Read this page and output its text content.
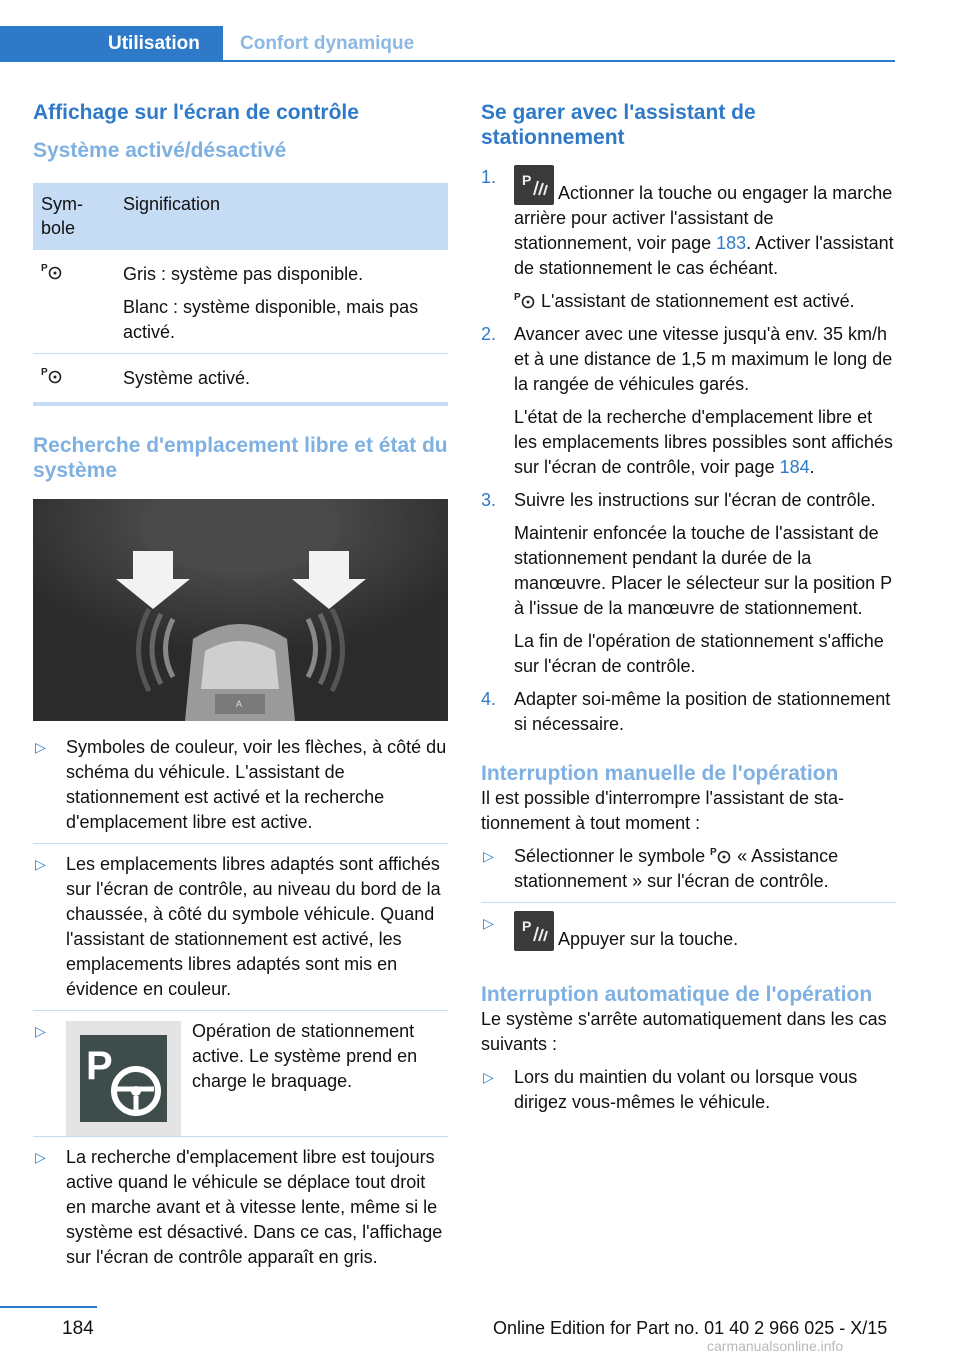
Utilisation	Confort dynamique
Affichage sur l'écran de contrôle
Système activé/désactivé
Sym-
bole	Signification

P	Gris : système pas disponible.

Blanc : système disponible, mais pas activé.

P	Système activé.
Recherche d'emplacement libre et état du système
A
▷ Symboles de couleur, voir les flèches, à côté du schéma du véhicule. L'assistant de stationnement est activé et la recherche d'emplacement libre est active.
▷ Les emplacements libres adaptés sont affichés sur l'écran de contrôle, au niveau du bord de la chaussée, à côté du symbole véhicule. Quand l'assistant de stationnement est activé, les emplacements libres adaptés sont mis en évidence en couleur.
▷ P
Opération de stationnement active. Le système prend en charge le braquage.
▷ La recherche d'emplacement libre est toujours active quand le véhicule se déplace tout droit en marche avant et à vitesse lente, même si le système est désactivé. Dans ce cas, l'affichage sur l'écran de contrôle apparaît en gris.
Se garer avec l'assistant de stationnement
1. P
Actionner la touche ou engager la marche arrière pour activer l'assistant de stationnement, voir page 183. Activer l'assistant de stationnement le cas échéant.

P L'assistant de stationnement est activé.

2. Avancer avec une vitesse jusqu'à env. 35 km/h et à une distance de 1,5 m maximum le long de la rangée de véhicules garés.

L'état de la recherche d'emplacement libre et les emplacements libres possibles sont affichés sur l'écran de contrôle, voir page 184.

3. Suivre les instructions sur l'écran de contrôle.

Maintenir enfoncée la touche de l'assistant de stationnement pendant la durée de la manœuvre. Placer le sélecteur sur la position P à l'issue de la manœuvre de stationnement.

La fin de l'opération de stationnement s'affiche sur l'écran de contrôle.

4. Adapter soi-même la position de stationnement si nécessaire.

Interruption manuelle de l'opération

Il est possible d'interrompre l'assistant de stationnement à tout moment :

▷ Sélectionner le symbole P « Assistance stationnement » sur l'écran de contrôle.
▷ P
Appuyer sur la touche.
Interruption automatique de l'opération

Le système s'arrête automatiquement dans les cas suivants :

▷ Lors du maintien du volant ou lorsque vous dirigez vous-mêmes le véhicule.
184	Online Edition for Part no. 01 40 2 966 025 - X/15
carmanualsonline.info
